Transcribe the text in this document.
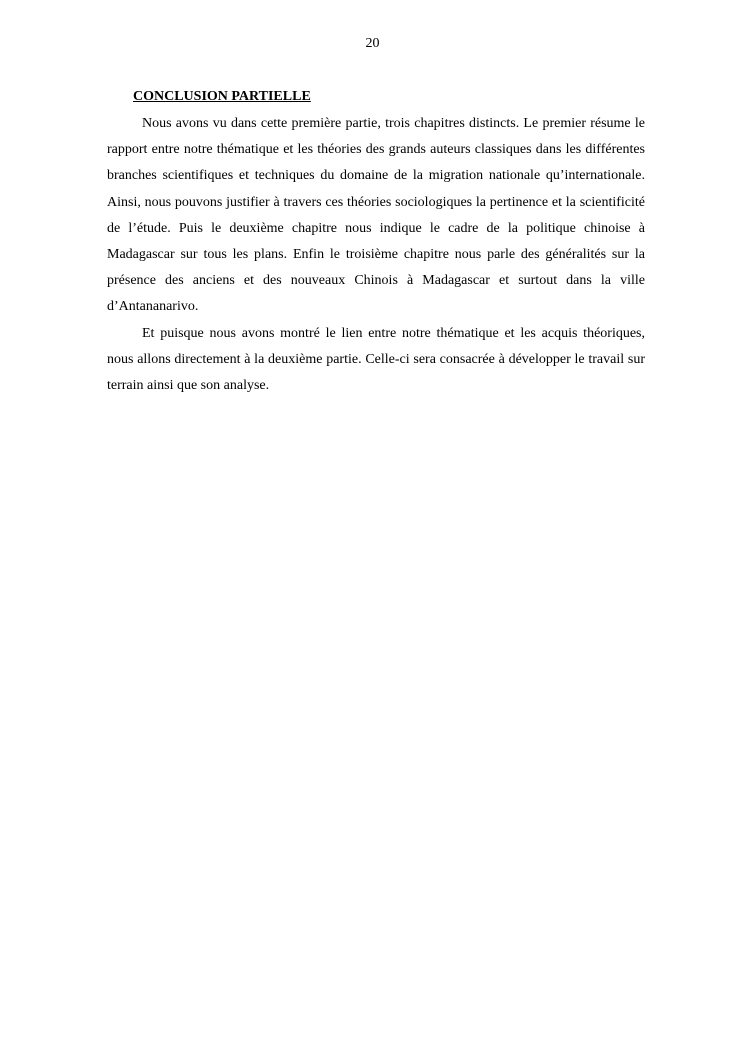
20
CONCLUSION PARTIELLE

Nous avons vu dans cette première partie, trois chapitres distincts. Le premier résume le rapport entre notre thématique et les théories des grands auteurs classiques dans les différentes branches scientifiques et techniques du domaine de la migration nationale qu’internationale. Ainsi, nous pouvons justifier à travers ces théories sociologiques la pertinence et la scientificité de l’étude. Puis le deuxième chapitre nous indique le cadre de la politique chinoise à Madagascar sur tous les plans. Enfin le troisième chapitre nous parle des généralités sur la présence des anciens et des nouveaux Chinois à Madagascar et surtout dans la ville d’Antananarivo.

Et puisque nous avons montré le lien entre notre thématique et les acquis théoriques, nous allons directement à la deuxième partie. Celle-ci sera consacrée à développer le travail sur terrain ainsi que son analyse.
